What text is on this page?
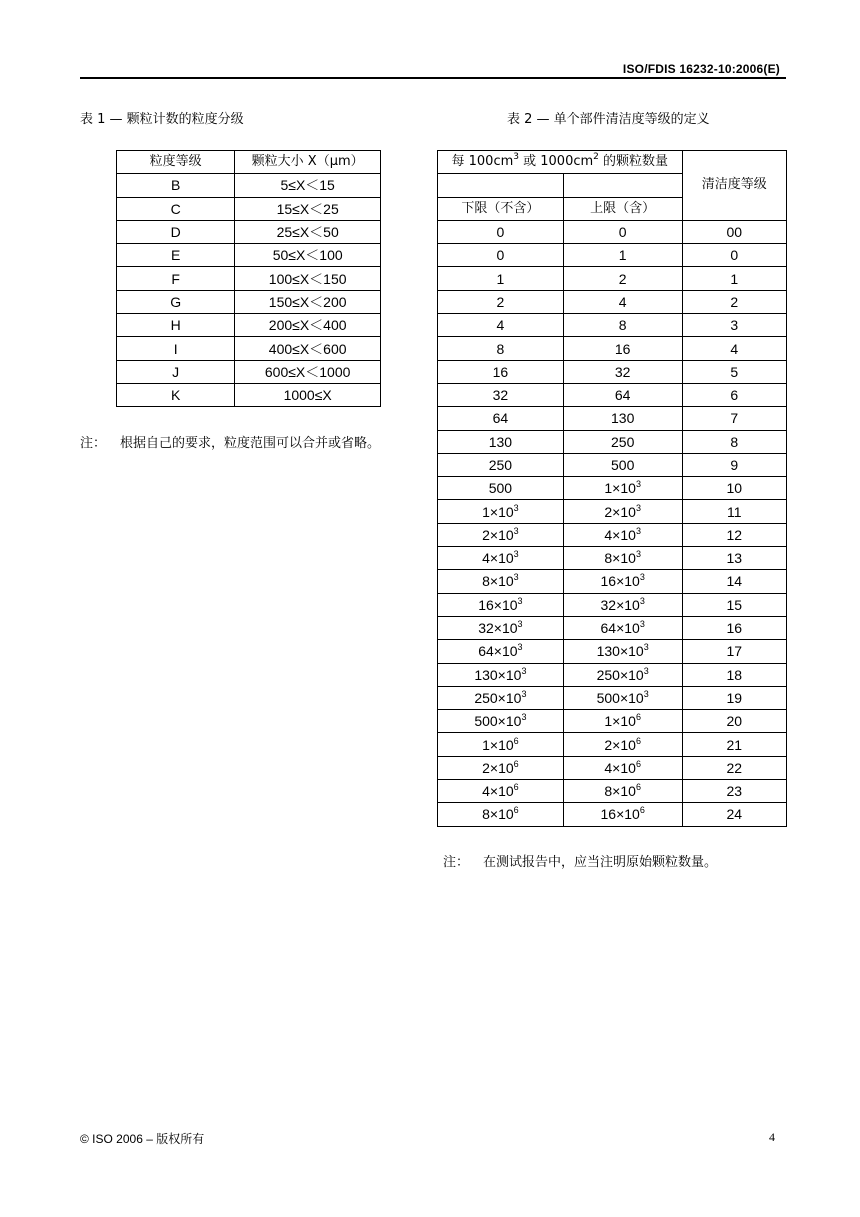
ISO/FDIS 16232-10:2006(E)
表 1 — 颗粒计数的粒度分级	表 2 — 单个部件清洁度等级的定义
粒度等级	颗粒大小 X（μm）
B	5≤X＜15
C	15≤X＜25
D	25≤X＜50
E	50≤X＜100
F	100≤X＜150
G	150≤X＜200
H	200≤X＜400
I	400≤X＜600
J	600≤X＜1000
K	1000≤X
每 $100cm^3$ 或 $1000cm^2$ 的颗粒数量		清洁度等级

下限（不含）	上限（含）	
0	0	00
0	1	0
1	2	1
2	4	2
4	8	3
8	16	4
16	32	5
32	64	6
64	130	7
130	250	8
250	500	9
500	$1\times 10^3$	10
$1\times 10^3$	$2\times 10^3$	11
$2\times 10^3$	$4\times 10^3$	12
$4\times 10^3$	$8\times 10^3$	13
$8\times 10^3$	$16\times 10^3$	14
$16\times 10^3$	$32\times 10^3$	15
$32\times 10^3$	$64\times 10^3$	16
$64\times 10^3$	$130\times 10^3$	17
$130\times 10^3$	$250\times 10^3$	18
$250\times 10^3$	$500\times 10^3$	19
$500\times 10^3$	$1\times 10^6$	20
$1\times 10^6$	$2\times 10^6$	21
$2\times 10^6$	$4\times 10^6$	22
$4\times 10^6$	$8\times 10^6$	23
$8\times 10^6$	$16\times 10^6$	24
注： 根据自己的要求，粒度范围可以合并或省略。
注： 在测试报告中，应当注明原始颗粒数量。
© ISO 2006 – 版权所有	4
